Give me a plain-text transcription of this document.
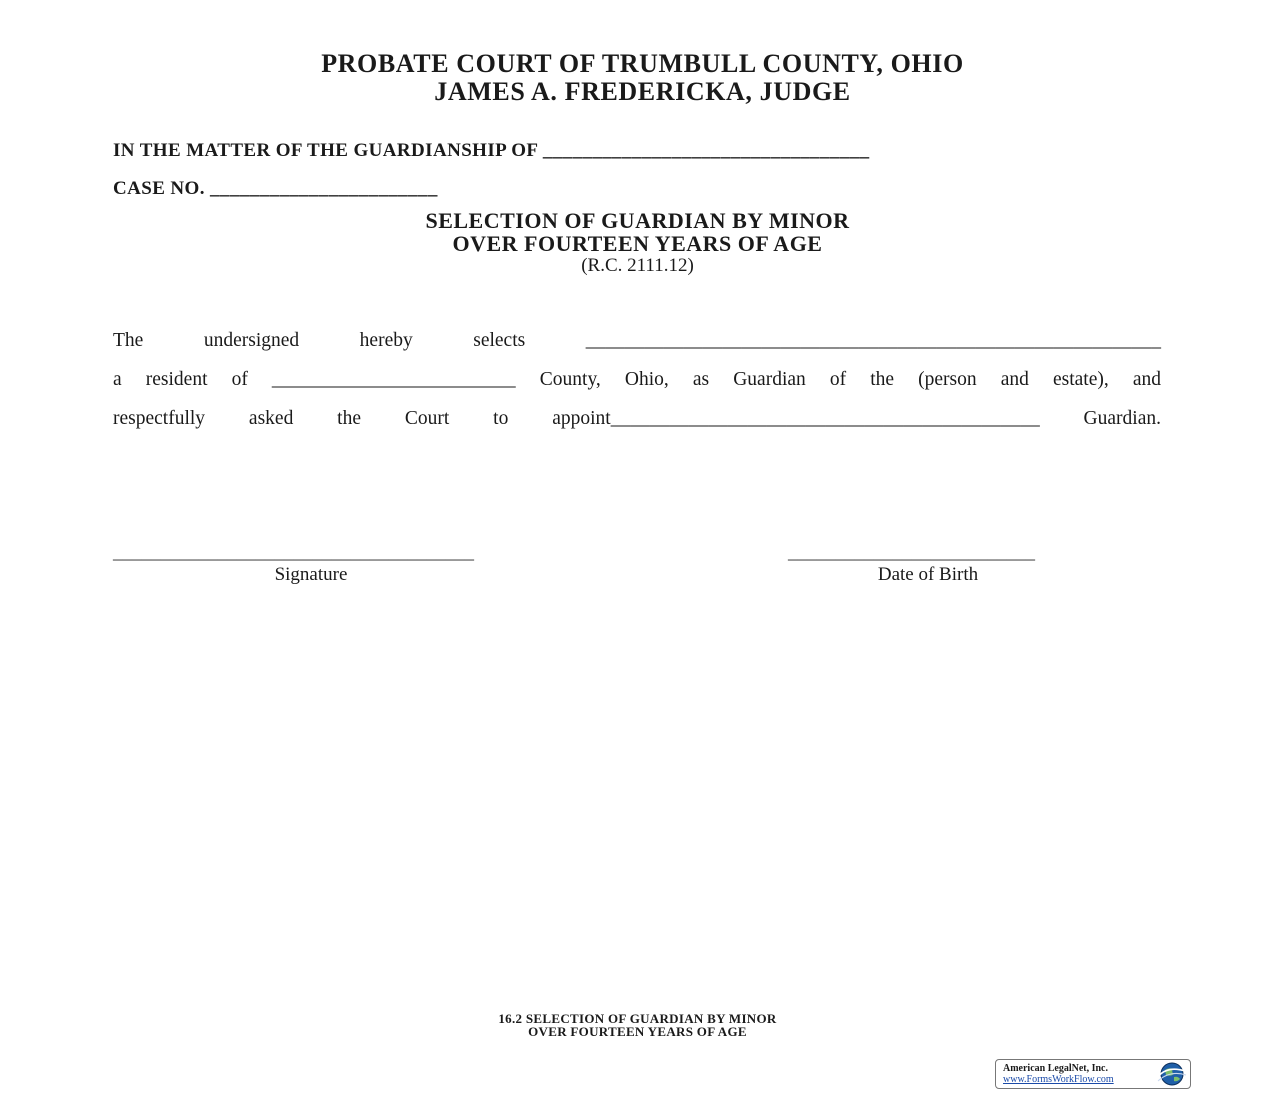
PROBATE COURT OF TRUMBULL COUNTY, OHIO
JAMES A. FREDERICKA, JUDGE
IN THE MATTER OF THE GUARDIANSHIP OF _________________________________
CASE NO. _______________________
SELECTION OF GUARDIAN BY MINOR
OVER FOURTEEN YEARS OF AGE
(R.C. 2111.12)
The undersigned hereby selects ___________________________________________________________
a resident of _________________________ County, Ohio, as Guardian of the (person and estate), and
respectfully asked the Court to appoint____________________________________________ Guardian.
______________________________________
Signature
__________________________
Date of Birth
16.2 SELECTION OF GUARDIAN BY MINOR
OVER FOURTEEN YEARS OF AGE
American LegalNet, Inc.
www.FormsWorkFlow.com
